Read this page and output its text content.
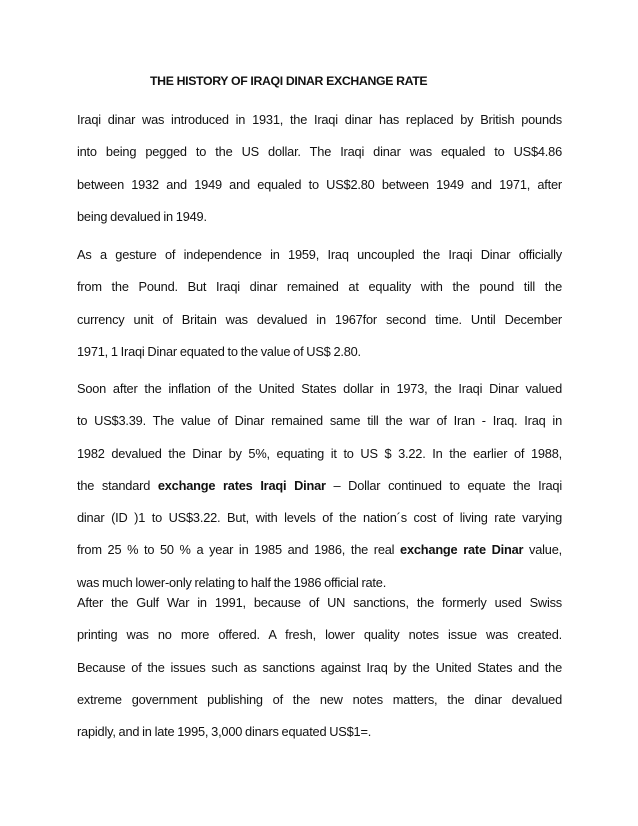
THE HISTORY OF IRAQI DINAR EXCHANGE RATE

Iraqi dinar was introduced in 1931, the Iraqi dinar has replaced by British pounds
into being pegged to the US dollar. The Iraqi dinar was equaled to US$4.86
between 1932 and 1949 and equaled to US$2.80 between 1949 and 1971, after
being devalued in 1949.

As a gesture of independence in 1959, Iraq uncoupled the Iraqi Dinar officially
from the Pound. But Iraqi dinar remained at equality with the pound till the
currency unit of Britain was devalued in 1967for second time. Until December
1971, 1 Iraqi Dinar equated to the value of US$ 2.80.

Soon after the inflation of the United States dollar in 1973, the Iraqi Dinar valued
to US$3.39. The value of Dinar remained same till the war of Iran - Iraq. Iraq in
1982 devalued the Dinar by 5%, equating it to US $ 3.22. In the earlier of 1988,
the standard exchange rates Iraqi Dinar – Dollar continued to equate the Iraqi
dinar (ID )1 to US$3.22. But, with levels of the nation´s cost of living rate varying
from 25 % to 50 % a year in 1985 and 1986, the real exchange rate Dinar value,
was much lower-only relating to half the 1986 official rate.

After the Gulf War in 1991, because of UN sanctions, the formerly used Swiss
printing was no more offered. A fresh, lower quality notes issue was created.
Because of the issues such as sanctions against Iraq by the United States and the
extreme government publishing of the new notes matters, the dinar devalued
rapidly, and in late 1995, 3,000 dinars equated US$1=.
